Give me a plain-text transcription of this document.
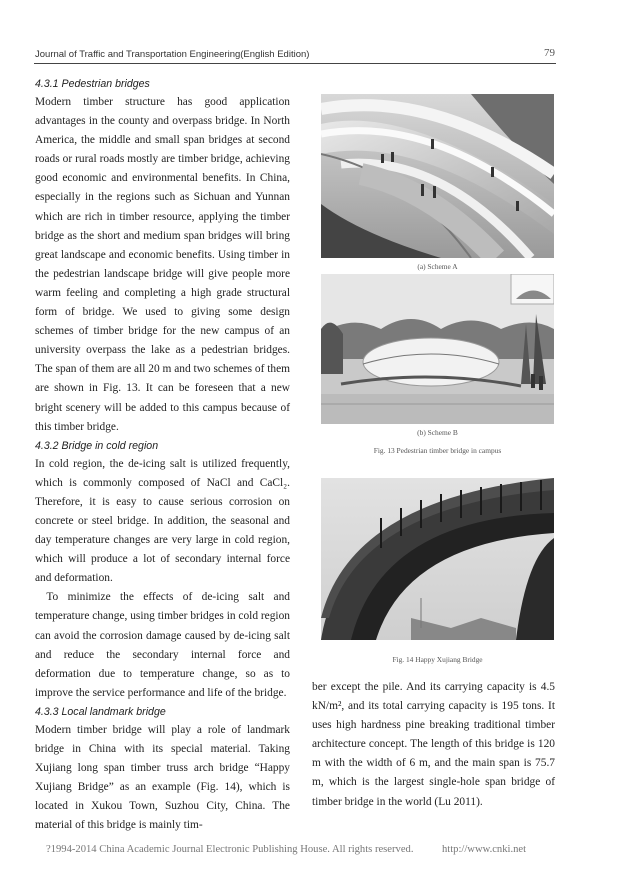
Journal of Traffic and Transportation Engineering(English Edition)	79

4.3.1 Pedestrian bridges

Modern timber structure has good application advantages in the county and overpass bridge. In North America, the middle and small span bridges at second roads or rural roads mostly are timber bridge, achieving good economic and environmental benefits. In China, especially in the regions such as Sichuan and Yunnan which are rich in timber resource, applying the timber bridge as the short and medium span bridges will bring great landscape and economic benefits. Using timber in the pedestrian landscape bridge will give people more warm feeling and completing a high grade structural form of bridge. We used to giving some design schemes of timber bridge for the new campus of an university overpass the lake as a pedestrian bridges. The span of them are all 20 m and two schemes of them are shown in Fig. 13. It can be foreseen that a new bright scenery will be added to this campus because of this timber bridge.

4.3.2 Bridge in cold region

In cold region, the de-icing salt is utilized frequently, which is commonly composed of NaCl and CaCl₂. Therefore, it is easy to cause serious corrosion on concrete or steel bridge. In addition, the seasonal and day temperature changes are very large in cold region, which will produce a lot of secondary internal force and deformation.

To minimize the effects of de-icing salt and temperature change, using timber bridges in cold region can avoid the corrosion damage caused by de-icing salt and reduce the secondary internal force and deformation due to temperature change, so as to improve the service performance and life of the bridge.

4.3.3 Local landmark bridge

Modern timber bridge will play a role of landmark bridge in China with its special material. Taking Xujiang long span timber truss arch bridge “Happy Xujiang Bridge” as an example (Fig. 14), which is located in Xukou Town, Suzhou City, China. The material of this bridge is mainly tim-

ber except the pile. And its carrying capacity is 4.5 kN/m², and its total carrying capacity is 195 tons. It uses high hardness pine breaking traditional timber architecture concept. The length of this bridge is 120 m with the width of 6 m, and the main span is 75.7 m, which is the largest single-hole span bridge of timber bridge in the world (Lu 2011).

(a) Scheme A
(b) Scheme B
Fig. 13 Pedestrian timber bridge in campus
Fig. 14 Happy Xujiang Bridge
?1994-2014 China Academic Journal Electronic Publishing House. All rights reserved.	http://www.cnki.net
